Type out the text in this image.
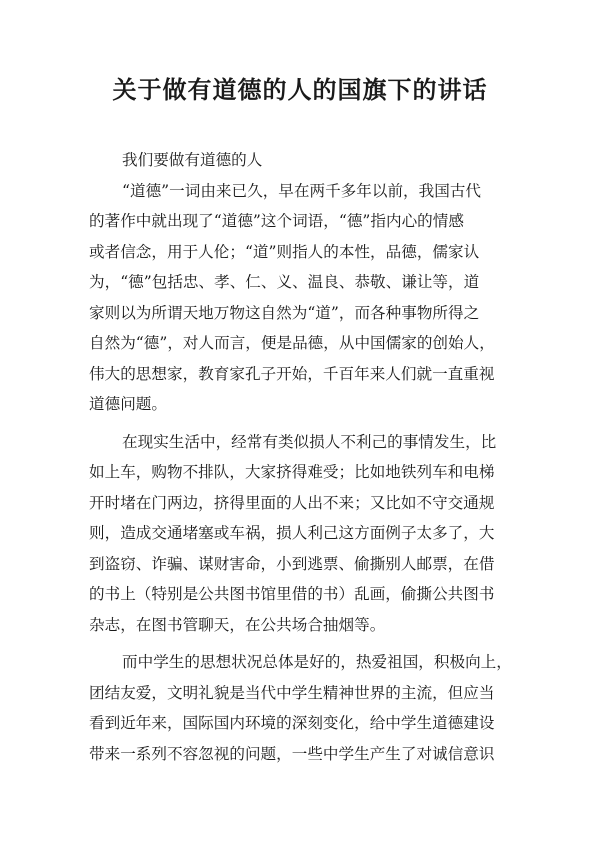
关于做有道德的人的国旗下的讲话

我们要做有道德的人

“道德”一词由来已久，早在两千多年以前，我国古代

的著作中就出现了“道德”这个词语，“德”指内心的情感

或者信念，用于人伦；“道”则指人的本性，品德，儒家认

为，“德”包括忠、孝、仁、义、温良、恭敬、谦让等，道

家则以为所谓天地万物这自然为“道”，而各种事物所得之

自然为“德”，对人而言，便是品德，从中国儒家的创始人，

伟大的思想家，教育家孔子开始，千百年来人们就一直重视

道德问题。

在现实生活中，经常有类似损人不利己的事情发生，比

如上车，购物不排队，大家挤得难受；比如地铁列车和电梯

开时堵在门两边，挤得里面的人出不来；又比如不守交通规

则，造成交通堵塞或车祸，损人利己这方面例子太多了，大

到盗窃、诈骗、谋财害命，小到逃票、偷撕别人邮票，在借

的书上（特别是公共图书馆里借的书）乱画，偷撕公共图书

杂志，在图书管聊天，在公共场合抽烟等。

而中学生的思想状况总体是好的，热爱祖国，积极向上，

团结友爱，文明礼貌是当代中学生精神世界的主流，但应当

看到近年来，国际国内环境的深刻变化，给中学生道德建设

带来一系列不容忽视的问题，一些中学生产生了对诚信意识
